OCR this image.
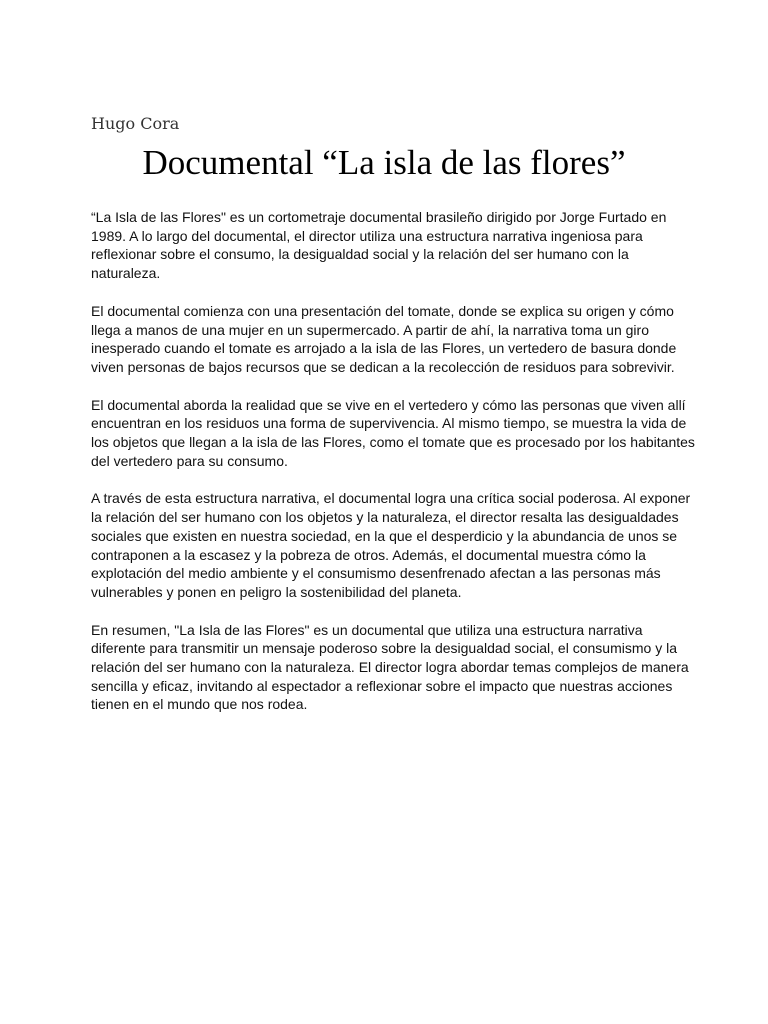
Hugo Cora
Documental “La isla de las flores”

“La Isla de las Flores" es un cortometraje documental brasileño dirigido por Jorge Furtado en 1989. A lo largo del documental, el director utiliza una estructura narrativa ingeniosa para reflexionar sobre el consumo, la desigualdad social y la relación del ser humano con la naturaleza.

El documental comienza con una presentación del tomate, donde se explica su origen y cómo llega a manos de una mujer en un supermercado. A partir de ahí, la narrativa toma un giro inesperado cuando el tomate es arrojado a la isla de las Flores, un vertedero de basura donde viven personas de bajos recursos que se dedican a la recolección de residuos para sobrevivir.

El documental aborda la realidad que se vive en el vertedero y cómo las personas que viven allí encuentran en los residuos una forma de supervivencia. Al mismo tiempo, se muestra la vida de los objetos que llegan a la isla de las Flores, como el tomate que es procesado por los habitantes del vertedero para su consumo.

A través de esta estructura narrativa, el documental logra una crítica social poderosa. Al exponer la relación del ser humano con los objetos y la naturaleza, el director resalta las desigualdades sociales que existen en nuestra sociedad, en la que el desperdicio y la abundancia de unos se contraponen a la escasez y la pobreza de otros. Además, el documental muestra cómo la explotación del medio ambiente y el consumismo desenfrenado afectan a las personas más vulnerables y ponen en peligro la sostenibilidad del planeta.

En resumen, "La Isla de las Flores" es un documental que utiliza una estructura narrativa diferente para transmitir un mensaje poderoso sobre la desigualdad social, el consumismo y la relación del ser humano con la naturaleza. El director logra abordar temas complejos de manera sencilla y eficaz, invitando al espectador a reflexionar sobre el impacto que nuestras acciones tienen en el mundo que nos rodea.
